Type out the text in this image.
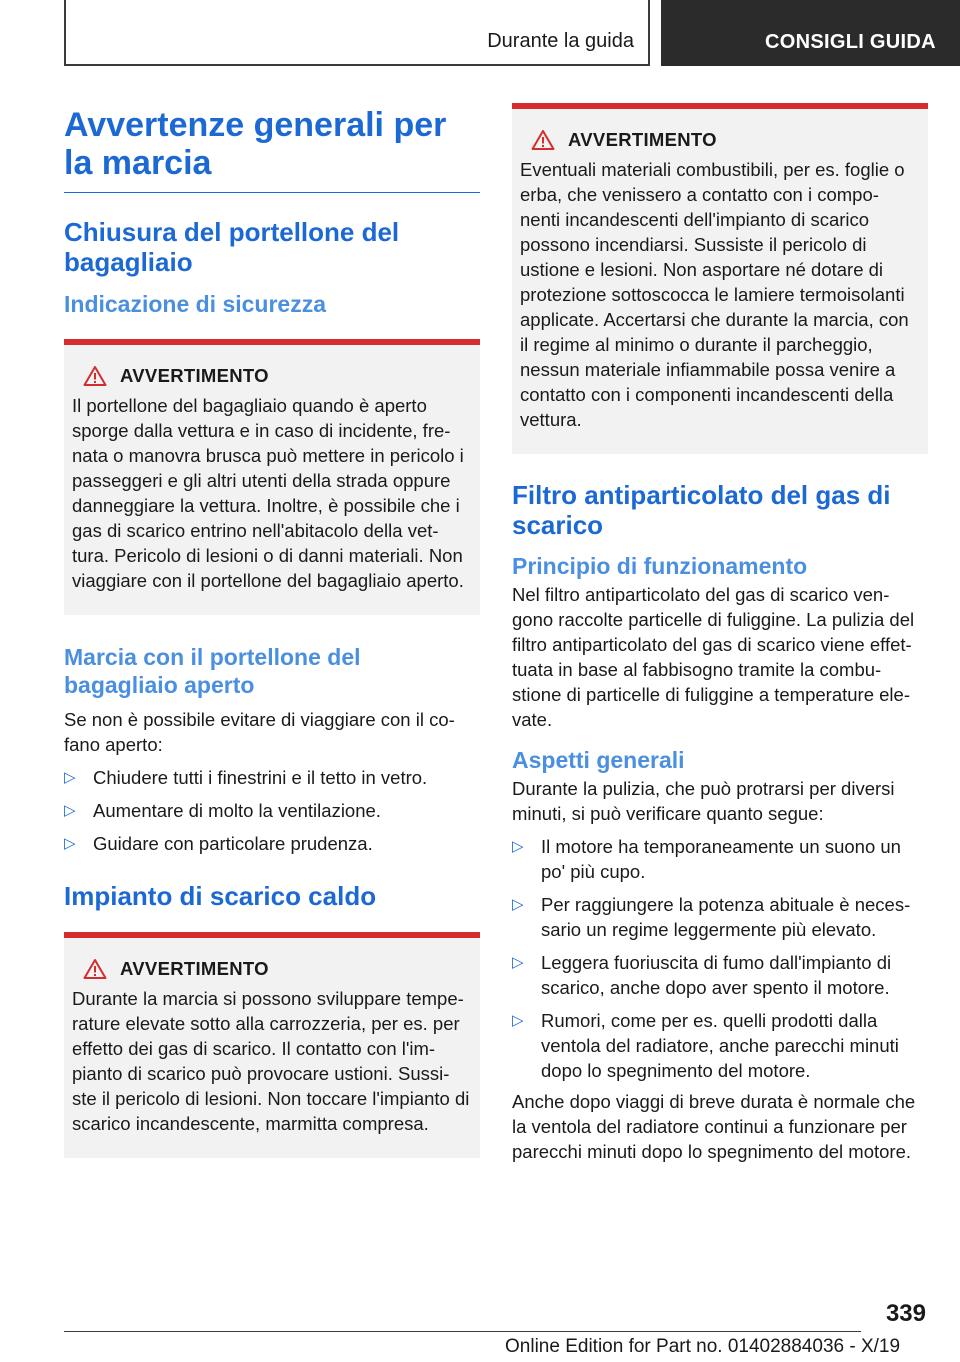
Durante la guida	CONSIGLI GUIDA
Avvertenze generali per la marcia
Chiusura del portellone del bagagliaio
Indicazione di sicurezza
AVVERTIMENTO
Il portellone del bagagliaio quando è aperto sporge dalla vettura e in caso di incidente, fre‐ nata o manovra brusca può mettere in pericolo i passeggeri e gli altri utenti della strada oppure danneggiare la vettura. Inoltre, è possibile che i gas di scarico entrino nell'abitacolo della vet‐ tura. Pericolo di lesioni o di danni materiali. Non viaggiare con il portellone del bagagliaio aperto.
Marcia con il portellone del bagagliaio aperto
Se non è possibile evitare di viaggiare con il co‐ fano aperto:
▷ Chiudere tutti i finestrini e il tetto in vetro.
▷ Aumentare di molto la ventilazione.
▷ Guidare con particolare prudenza.
Impianto di scarico caldo
AVVERTIMENTO
Durante la marcia si possono sviluppare tempe‐ rature elevate sotto alla carrozzeria, per es. per effetto dei gas di scarico. Il contatto con l'im‐ pianto di scarico può provocare ustioni. Sussi‐ ste il pericolo di lesioni. Non toccare l'impianto di scarico incandescente, marmitta compresa.
AVVERTIMENTO
Eventuali materiali combustibili, per es. foglie o erba, che venissero a contatto con i compo‐ nenti incandescenti dell'impianto di scarico possono incendiarsi. Sussiste il pericolo di ustione e lesioni. Non asportare né dotare di protezione sottoscocca le lamiere termoisolanti applicate. Accertarsi che durante la marcia, con il regime al minimo o durante il parcheggio, nessun materiale infiammabile possa venire a contatto con i componenti incandescenti della vettura.
Filtro antiparticolato del gas di scarico
Principio di funzionamento
Nel filtro antiparticolato del gas di scarico ven‐ gono raccolte particelle di fuliggine. La pulizia del filtro antiparticolato del gas di scarico viene effet‐ tuata in base al fabbisogno tramite la combu‐ stione di particelle di fuliggine a temperature ele‐ vate.
Aspetti generali
Durante la pulizia, che può protrarsi per diversi minuti, si può verificare quanto segue:
▷ Il motore ha temporaneamente un suono un po' più cupo.
▷ Per raggiungere la potenza abituale è neces‐ sario un regime leggermente più elevato.
▷ Leggera fuoriuscita di fumo dall'impianto di scarico, anche dopo aver spento il motore.
▷ Rumori, come per es. quelli prodotti dalla ventola del radiatore, anche parecchi minuti dopo lo spegnimento del motore.
Anche dopo viaggi di breve durata è normale che la ventola del radiatore continui a funzionare per parecchi minuti dopo lo spegnimento del motore.
339
Online Edition for Part no. 01402884036 - X/19
